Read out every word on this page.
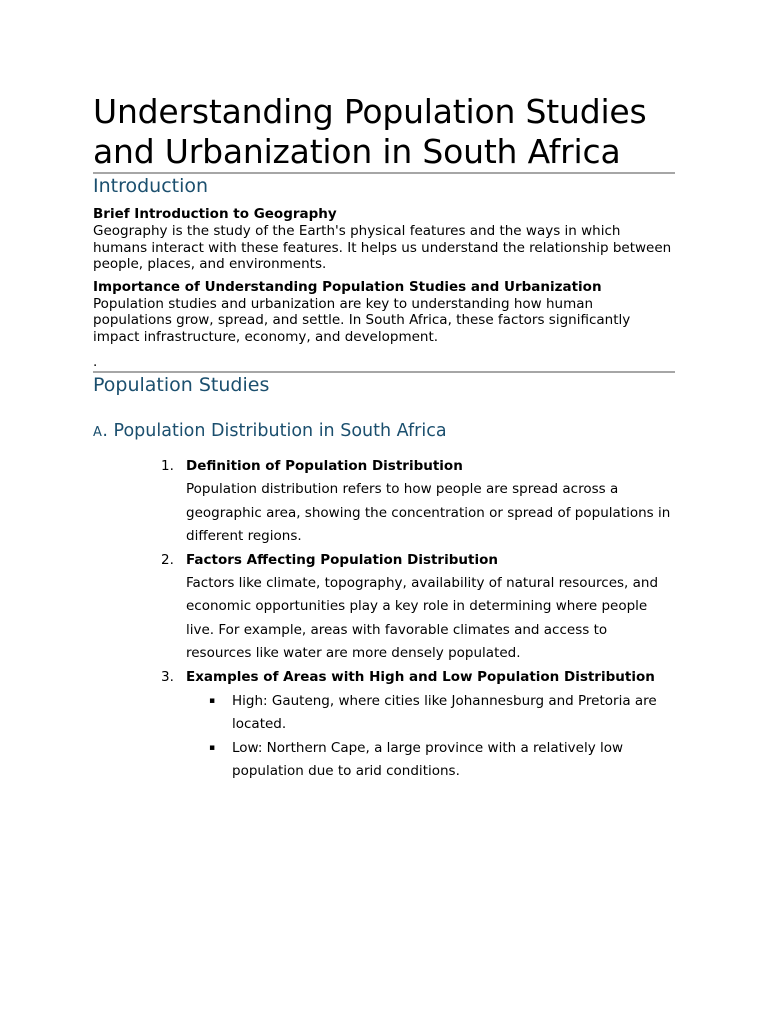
Understanding Population Studies and Urbanization in South Africa
Introduction
Brief Introduction to Geography

Geography is the study of the Earth's physical features and the ways in which humans interact with these features. It helps us understand the relationship between people, places, and environments.

Importance of Understanding Population Studies and Urbanization

Population studies and urbanization are key to understanding how human populations grow, spread, and settle. In South Africa, these factors significantly impact infrastructure, economy, and development.

.
Population Studies
A. Population Distribution in South Africa
1. Definition of Population Distribution
Population distribution refers to how people are spread across a geographic area, showing the concentration or spread of populations in different regions.
2. Factors Affecting Population Distribution
Factors like climate, topography, availability of natural resources, and economic opportunities play a key role in determining where people live. For example, areas with favorable climates and access to resources like water are more densely populated.
3. Examples of Areas with High and Low Population Distribution
▪ High: Gauteng, where cities like Johannesburg and Pretoria are located.
▪ Low: Northern Cape, a large province with a relatively low population due to arid conditions.
